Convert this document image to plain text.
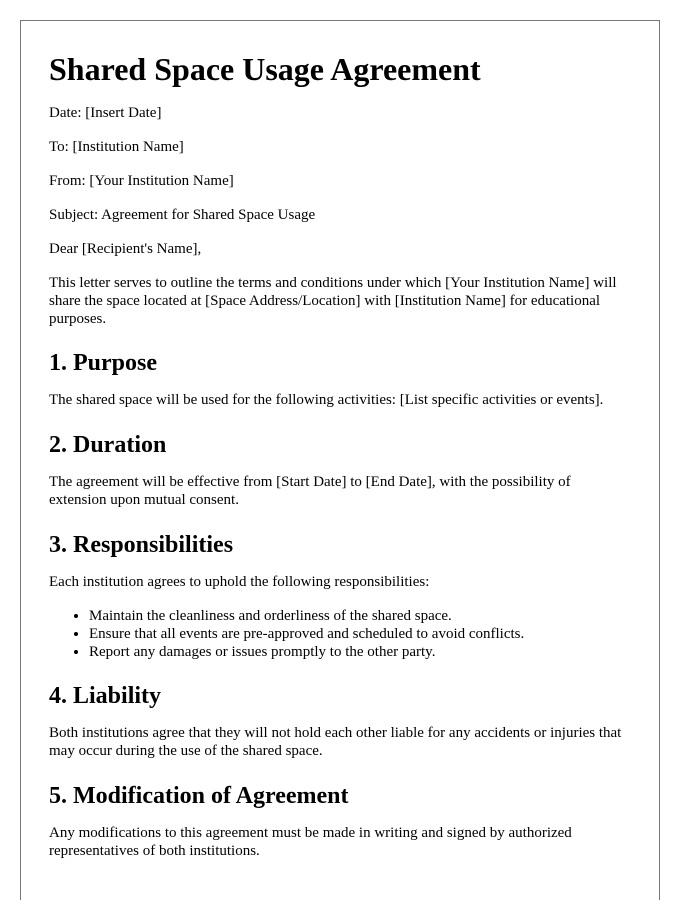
Shared Space Usage Agreement

Date: [Insert Date]

To: [Institution Name]

From: [Your Institution Name]

Subject: Agreement for Shared Space Usage

Dear [Recipient's Name],

This letter serves to outline the terms and conditions under which [Your Institution Name] will share the space located at [Space Address/Location] with [Institution Name] for educational purposes.

1. Purpose

The shared space will be used for the following activities: [List specific activities or events].

2. Duration

The agreement will be effective from [Start Date] to [End Date], with the possibility of extension upon mutual consent.

3. Responsibilities

Each institution agrees to uphold the following responsibilities:

• Maintain the cleanliness and orderliness of the shared space.
• Ensure that all events are pre-approved and scheduled to avoid conflicts.
• Report any damages or issues promptly to the other party.
4. Liability

Both institutions agree that they will not hold each other liable for any accidents or injuries that may occur during the use of the shared space.

5. Modification of Agreement

Any modifications to this agreement must be made in writing and signed by authorized representatives of both institutions.
